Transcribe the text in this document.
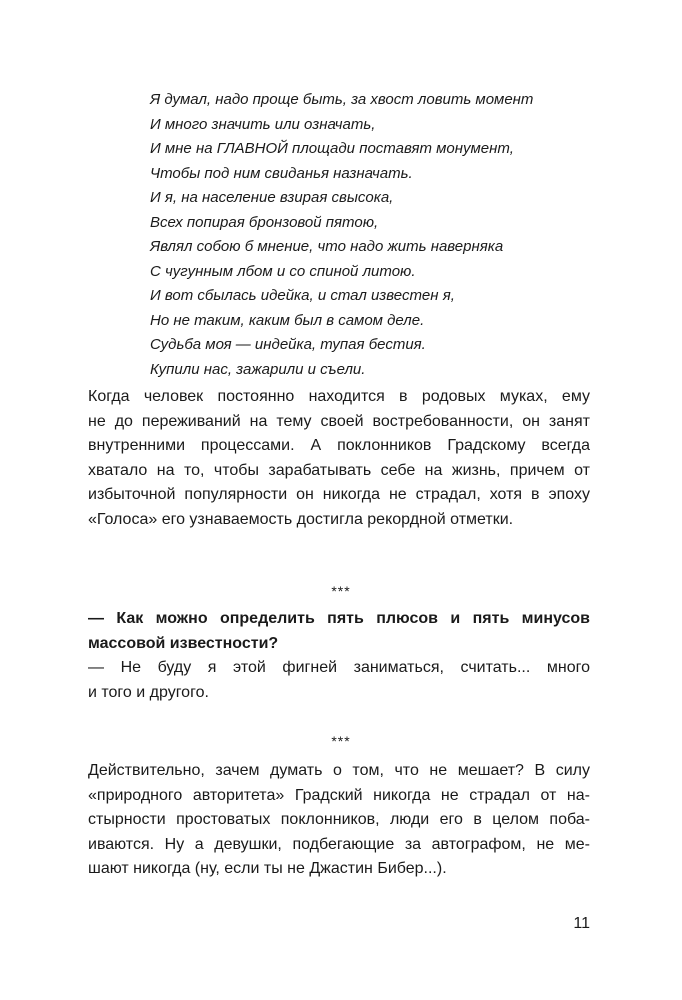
Я думал, надо проще быть, за хвост ловить момент
И много значить или означать,
И мне на ГЛАВНОЙ площади поставят монумент,
Чтобы под ним свиданья назначать.
И я, на население взирая свысока,
Всех попирая бронзовой пятою,
Являл собою б мнение, что надо жить наверняка
С чугунным лбом и со спиной литою.
И вот сбылась идейка, и стал известен я,
Но не таким, каким был в самом деле.
Судьба моя — индейка, тупая бестия.
Купили нас, зажарили и съели.
Когда человек постоянно находится в родовых муках, ему
не до переживаний на тему своей востребованности, он занят
внутренними процессами. А поклонников Градскому всегда
хватало на то, чтобы зарабатывать себе на жизнь, причем от
избыточной популярности он никогда не страдал, хотя в эпоху
«Голоса» его узнаваемость достигла рекордной отметки.
***
— Как можно определить пять плюсов и пять минусов
массовой известности?
— Не буду я этой фигней заниматься, считать... много
и того и другого.
***
Действительно, зачем думать о том, что не мешает? В силу
«природного авторитета» Градский никогда не страдал от на-
стырности простоватых поклонников, люди его в целом поба-
иваются. Ну а девушки, подбегающие за автографом, не ме-
шают никогда (ну, если ты не Джастин Бибер...).
11
